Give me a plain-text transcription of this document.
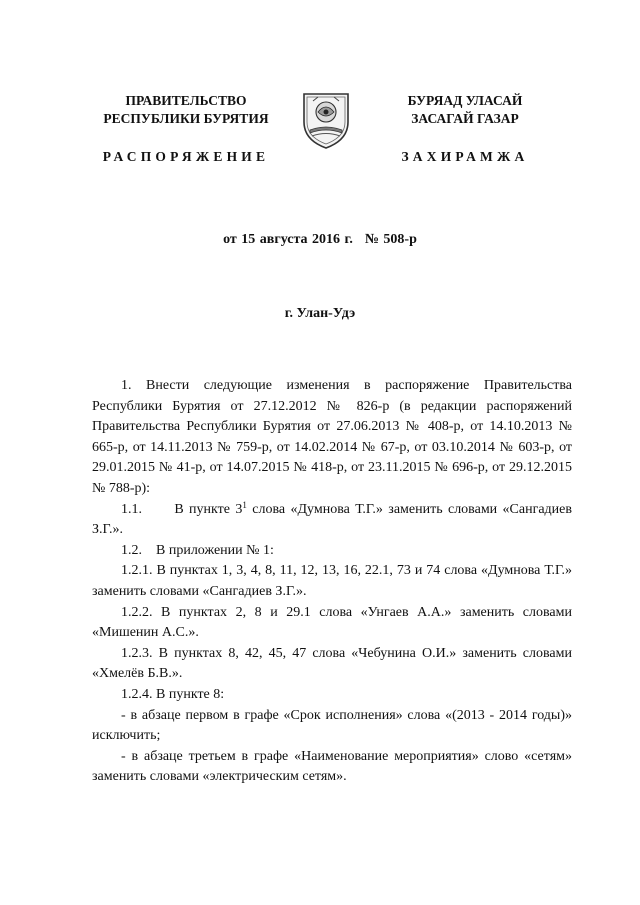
ПРАВИТЕЛЬСТВО
РЕСПУБЛИКИ БУРЯТИЯ
РАСПОРЯЖЕНИЕ
БУРЯАД УЛАСАЙ
ЗАСАГАЙ ГАЗАР
ЗАХИРАМЖА
от 15 августа 2016 г. № 508-р
г. Улан-Удэ

1. Внести следующие изменения в распоряжение Правительства Республики Бурятия от 27.12.2012 № 826-р (в редакции распоряжений Правительства Республики Бурятия от 27.06.2013 № 408-р, от 14.10.2013 № 665-р, от 14.11.2013 № 759-р, от 14.02.2014 № 67-р, от 03.10.2014 № 603-р, от 29.01.2015 № 41-р, от 14.07.2015 № 418-р, от 23.11.2015 № 696-р, от 29.12.2015 № 788-р):

1.1. В пункте $3^1$ слова «Думнова Т.Г.» заменить словами «Сангадиев З.Г.».

1.2. В приложении № 1:

1.2.1. В пунктах 1, 3, 4, 8, 11, 12, 13, 16, 22.1, 73 и 74 слова «Думнова Т.Г.» заменить словами «Сангадиев З.Г.».

1.2.2. В пунктах 2, 8 и 29.1 слова «Унгаев А.А.» заменить словами «Мишенин А.С.».

1.2.3. В пунктах 8, 42, 45, 47 слова «Чебунина О.И.» заменить словами «Хмелёв Б.В.».

1.2.4. В пункте 8:

- в абзаце первом в графе «Срок исполнения» слова «(2013 - 2014 годы)» исключить;

- в абзаце третьем в графе «Наименование мероприятия» слово «сетям» заменить словами «электрическим сетям».
